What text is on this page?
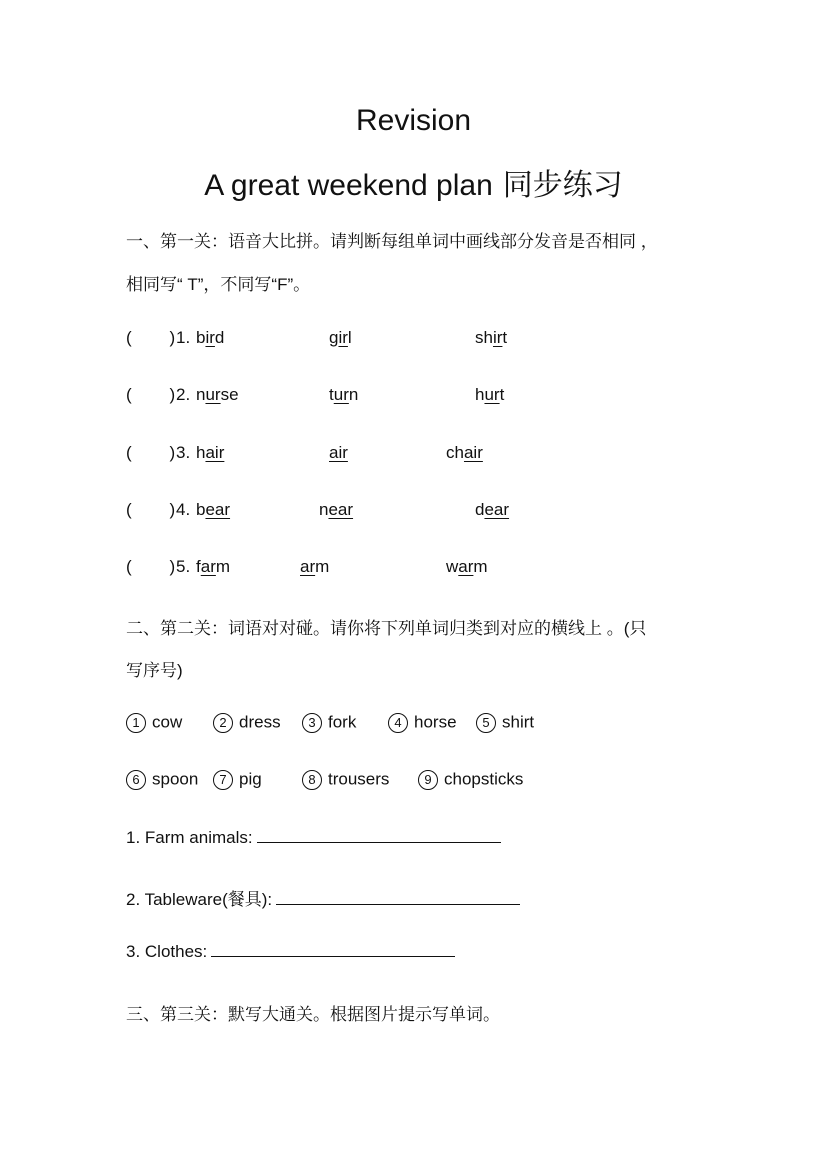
Revision
A great weekend plan 同步练习
一、第一关：语音大比拼。请判断每组单词中画线部分发音是否相同 ，
相同写“ T”，不同写“F”。
(        ) 1. bird	girl	shirt
(        ) 2. nurse	turn	hurt
(        ) 3. hair	air	chair
(        ) 4. bear	near	dear
(        ) 5. farm	arm	warm
二、第二关：词语对对碰。请你将下列单词归类到对应的横线上 。(只
写序号)
1 cow	2 dress	3 fork	4 horse	5 shirt
6 spoon	7 pig	8 trousers	9 chopsticks
1. Farm animals:
2. Tableware(餐具):
3. Clothes:
三、第三关：默写大通关。根据图片提示写单词。
